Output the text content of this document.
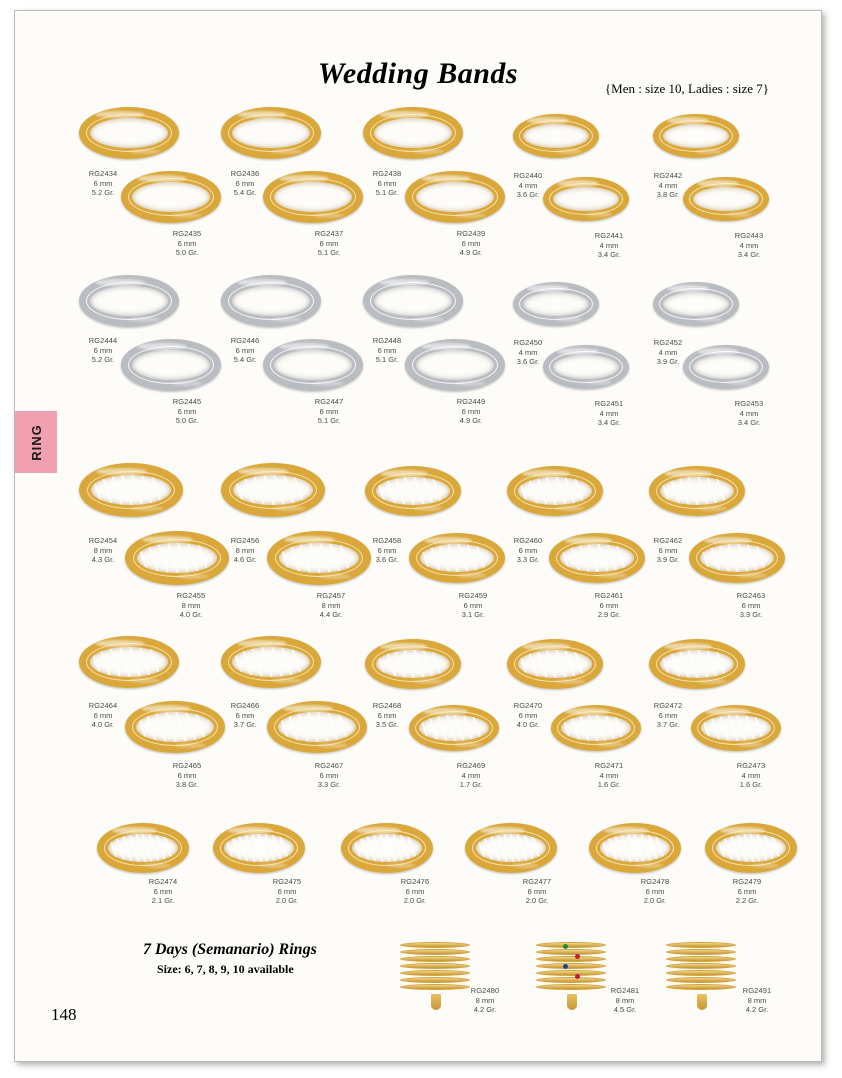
RING
Wedding Bands	{Men : size 10, Ladies : size 7}
RG2434
6 mm
5.2 Gr.
RG2435
6 mm
5.0 Gr.
RG2436
6 mm
5.4 Gr.
RG2437
6 mm
5.1 Gr.
RG2438
6 mm
5.1 Gr.
RG2439
6 mm
4.9 Gr.
RG2440
4 mm
3.6 Gr.
RG2441
4 mm
3.4 Gr.
RG2442
4 mm
3.8 Gr.
RG2443
4 mm
3.4 Gr.
RG2444
6 mm
5.2 Gr.
RG2445
6 mm
5.0 Gr.
RG2446
6 mm
5.4 Gr.
RG2447
6 mm
5.1 Gr.
RG2448
6 mm
5.1 Gr.
RG2449
6 mm
4.9 Gr.
RG2450
4 mm
3.6 Gr.
RG2451
4 mm
3.4 Gr.
RG2452
4 mm
3.9 Gr.
RG2453
4 mm
3.4 Gr.
RG2454
8 mm
4.3 Gr.
RG2455
8 mm
4.0 Gr.
RG2456
8 mm
4.6 Gr.
RG2457
8 mm
4.4 Gr.
RG2458
6 mm
3.6 Gr.
RG2459
6 mm
3.1 Gr.
RG2460
6 mm
3.3 Gr.
RG2461
6 mm
2.9 Gr.
RG2462
6 mm
3.9 Gr.
RG2463
6 mm
3.3 Gr.
RG2464
6 mm
4.0 Gr.
RG2465
6 mm
3.8 Gr.
RG2466
6 mm
3.7 Gr.
RG2467
6 mm
3.3 Gr.
RG2468
6 mm
3.5 Gr.
RG2469
4 mm
1.7 Gr.
RG2470
6 mm
4.0 Gr.
RG2471
4 mm
1.6 Gr.
RG2472
6 mm
3.7 Gr.
RG2473
4 mm
1.6 Gr.
RG2474
6 mm
2.1 Gr.
RG2475
6 mm
2.0 Gr.
RG2476
6 mm
2.0 Gr.
RG2477
6 mm
2.0 Gr.
RG2478
6 mm
2.0 Gr.
RG2479
6 mm
2.2 Gr.
RG2480
8 mm
4.2 Gr.
RG2481
8 mm
4.5 Gr.
RG2491
8 mm
4.2 Gr.
7 Days (Semanario) Rings
Size: 6, 7, 8, 9, 10 available
148
